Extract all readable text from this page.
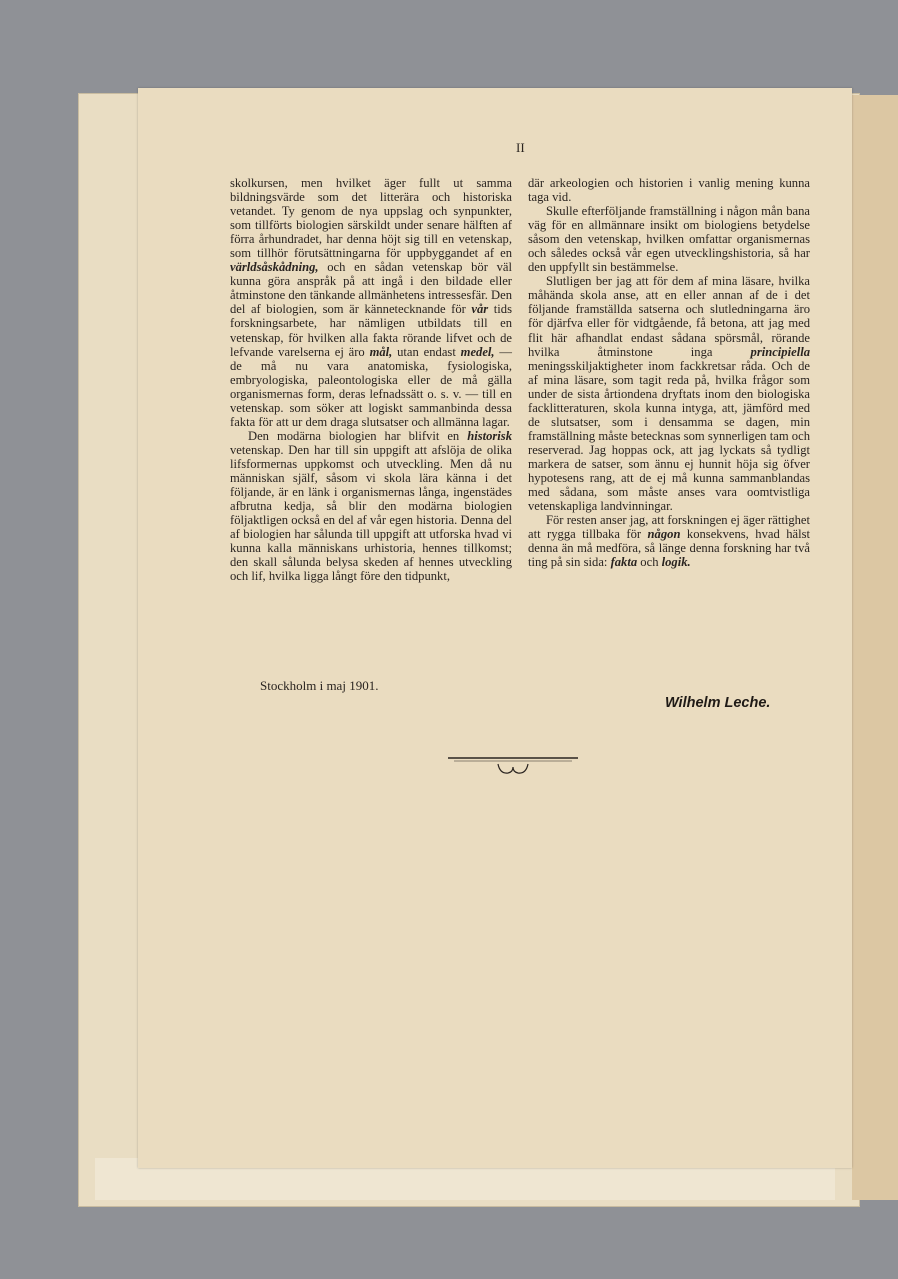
II

skolkursen, men hvilket äger fullt ut samma bildningsvärde som det litterära och historiska vetandet. Ty genom de nya uppslag och synpunkter, som tillförts biologien särskildt under senare hälften af förra århundradet, har denna höjt sig till en vetenskap, som tillhör förutsättningarna för uppbyggandet af en världsåskådning, och en sådan vetenskap bör väl kunna göra anspråk på att ingå i den bildade eller åtminstone den tänkande allmänhetens intressesfär. Den del af biologien, som är kännetecknande för vår tids forskningsarbete, har nämligen utbildats till en vetenskap, för hvilken alla fakta rörande lifvet och de lefvande varelserna ej äro mål, utan endast medel, — de må nu vara anatomiska, fysiologiska, embryologiska, paleontologiska eller de må gälla organismernas form, deras lefnadssätt o. s. v. — till en vetenskap. som söker att logiskt sammanbinda dessa fakta för att ur dem draga slutsatser och allmänna lagar.

Den modärna biologien har blifvit en historisk vetenskap. Den har till sin uppgift att afslöja de olika lifsformernas uppkomst och utveckling. Men då nu människan själf, såsom vi skola lära känna i det följande, är en länk i organismernas långa, ingenstädes afbrutna kedja, så blir den modärna biologien följaktligen också en del af vår egen historia. Denna del af biologien har sålunda till uppgift att utforska hvad vi kunna kalla människans urhistoria, hennes tillkomst; den skall sålunda belysa skeden af hennes utveckling och lif, hvilka ligga långt före den tidpunkt,

där arkeologien och historien i vanlig mening kunna taga vid.

Skulle efterföljande framställning i någon mån bana väg för en allmännare insikt om biologiens betydelse såsom den vetenskap, hvilken omfattar organismernas och således också vår egen utvecklingshistoria, så har den uppfyllt sin bestämmelse.

Slutligen ber jag att för dem af mina läsare, hvilka måhända skola anse, att en eller annan af de i det följande framställda satserna och slutledningarna äro för djärfva eller för vidtgående, få betona, att jag med flit här afhandlat endast sådana spörsmål, rörande hvilka åtminstone inga principiella meningsskiljaktigheter inom fackkretsar råda. Och de af mina läsare, som tagit reda på, hvilka frågor som under de sista årtiondena dryftats inom den biologiska facklitteraturen, skola kunna intyga, att, jämförd med de slutsatser, som i densamma se dagen, min framställning måste betecknas som synnerligen tam och reserverad. Jag hoppas ock, att jag lyckats så tydligt markera de satser, som ännu ej hunnit höja sig öfver hypotesens rang, att de ej må kunna sammanblandas med sådana, som måste anses vara oomtvistliga vetenskapliga landvinningar.

För resten anser jag, att forskningen ej äger rättighet att rygga tillbaka för någon konsekvens, hvad hälst denna än må medföra, så länge denna forskning har två ting på sin sida: fakta och logik.

Stockholm i maj 1901.
Wilhelm Leche.
